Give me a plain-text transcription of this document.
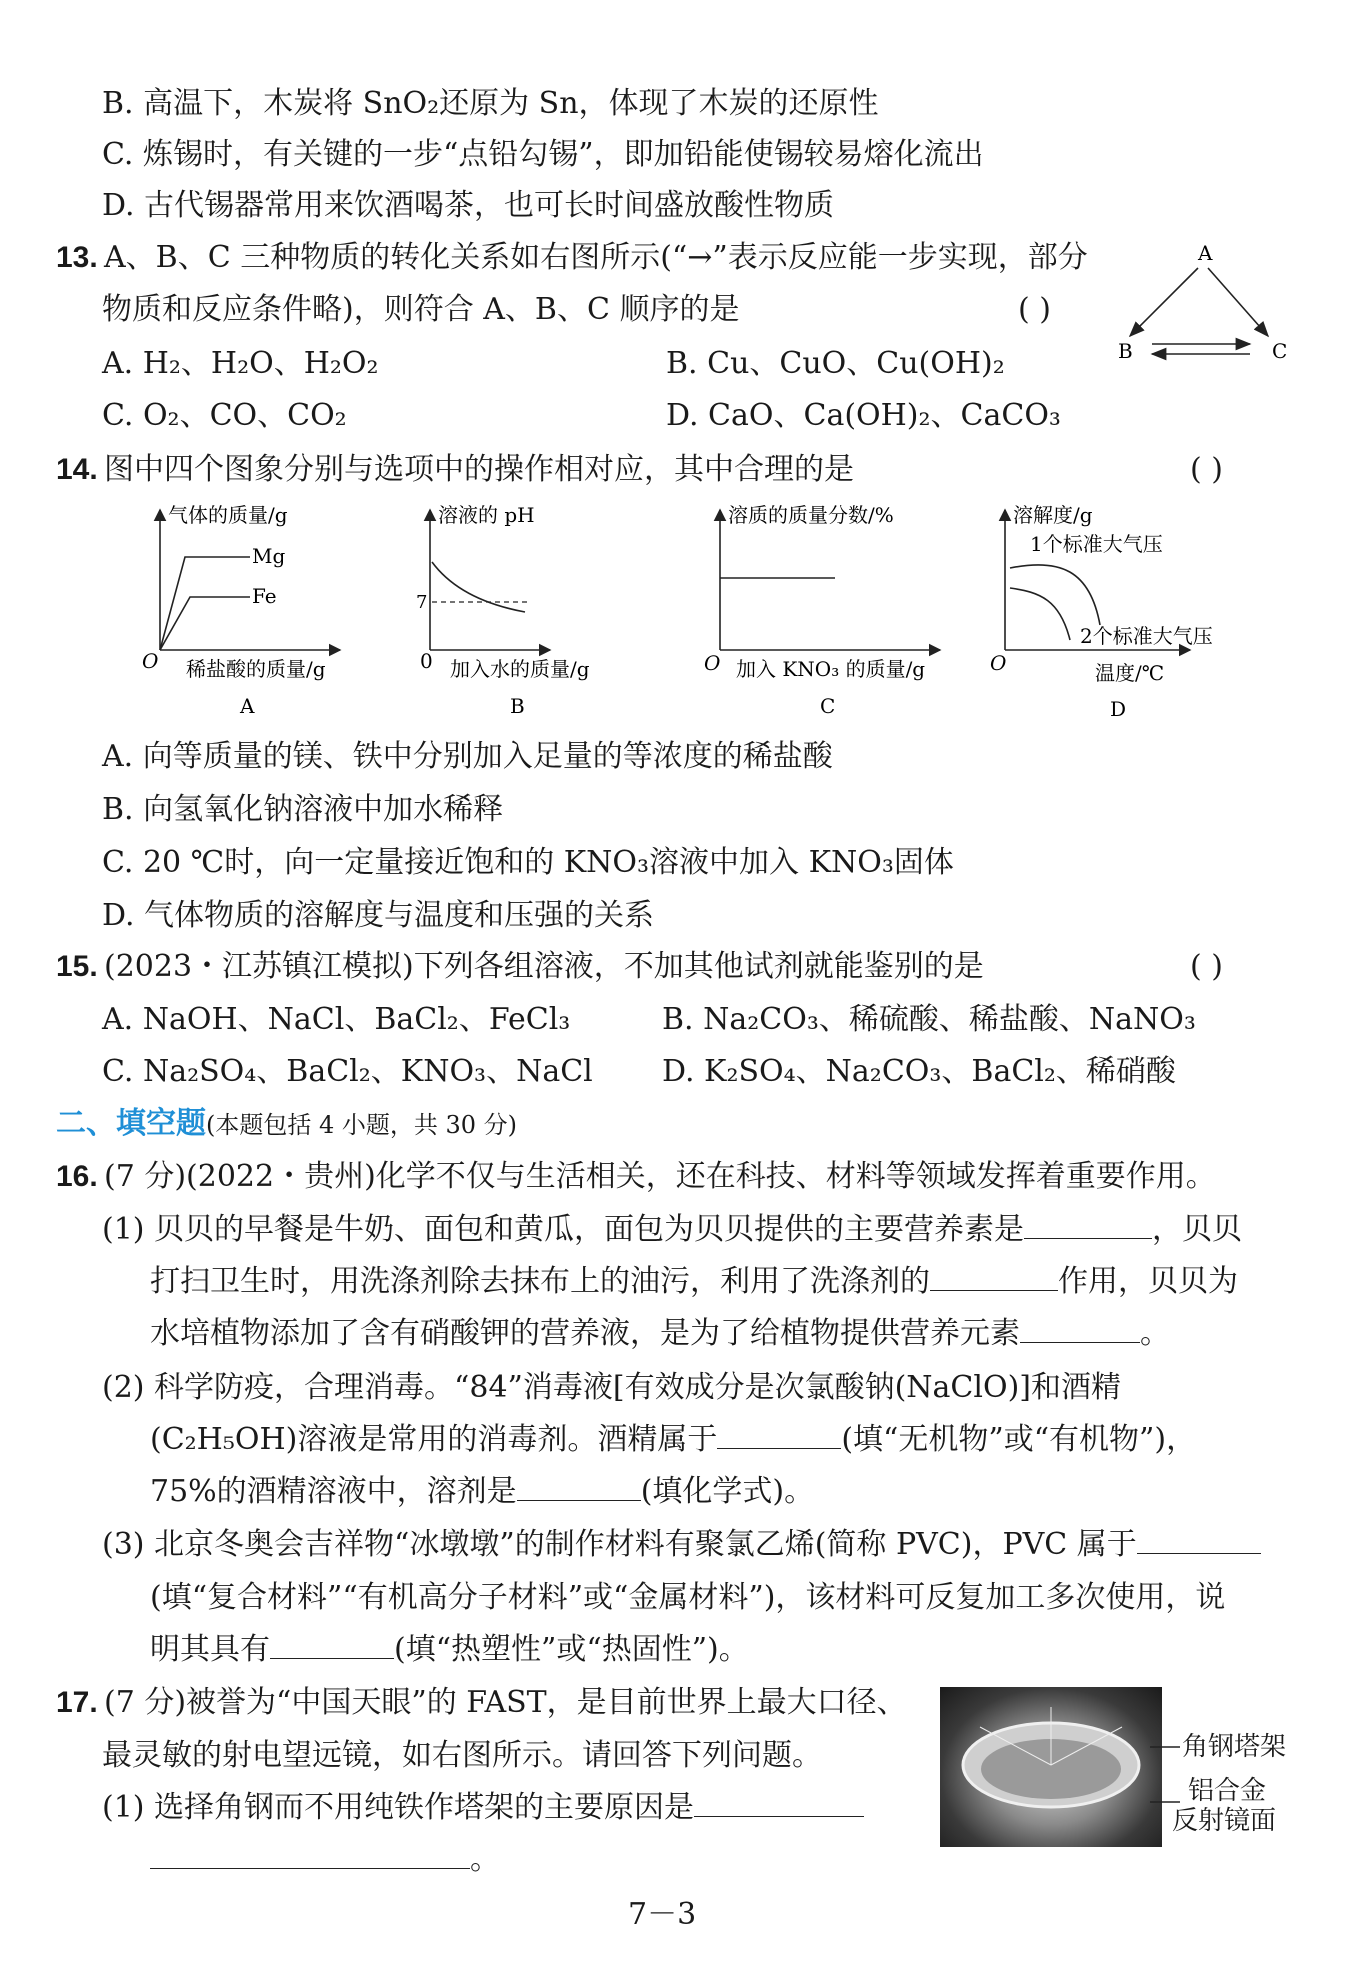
B. 高温下，木炭将 SnO₂还原为 Sn，体现了木炭的还原性
C. 炼锡时，有关键的一步“点铅勾锡”，即加铅能使锡较易熔化流出
D. 古代锡器常用来饮酒喝茶，也可长时间盛放酸性物质
13. A、B、C 三种物质的转化关系如右图所示(“→”表示反应能一步实现，部分
物质和反应条件略)，则符合 A、B、C 顺序的是	( )
A. H₂、H₂O、H₂O₂	B. Cu、CuO、Cu(OH)₂
C. O₂、CO、CO₂	D. CaO、Ca(OH)₂、CaCO₃
A
B	C
14. 图中四个图象分别与选项中的操作相对应，其中合理的是	( )
气体的质量/g
Mg
Fe
O 稀盐酸的质量/g
A
溶液的 pH
7
0 加入水的质量/g
B
溶质的质量分数/%
O 加入 KNO₃ 的质量/g
C
溶解度/g
1个标准大气压
2个标准大气压
O	温度/℃
D
A. 向等质量的镁、铁中分别加入足量的等浓度的稀盐酸
B. 向氢氧化钠溶液中加水稀释
C. 20 ℃时，向一定量接近饱和的 KNO₃溶液中加入 KNO₃固体
D. 气体物质的溶解度与温度和压强的关系
15. (2023・江苏镇江模拟)下列各组溶液，不加其他试剂就能鉴别的是	( )
A. NaOH、NaCl、BaCl₂、FeCl₃	B. Na₂CO₃、稀硫酸、稀盐酸、NaNO₃
C. Na₂SO₄、BaCl₂、KNO₃、NaCl D. K₂SO₄、Na₂CO₃、BaCl₂、稀硝酸
二、填空题(本题包括 4 小题，共 30 分)
16. (7 分)(2022・贵州)化学不仅与生活相关，还在科技、材料等领域发挥着重要作用。
(1) 贝贝的早餐是牛奶、面包和黄瓜，面包为贝贝提供的主要营养素是	，贝贝
打扫卫生时，用洗涤剂除去抹布上的油污，利用了洗涤剂的	作用，贝贝为
水培植物添加了含有硝酸钾的营养液，是为了给植物提供营养元素	。
(2) 科学防疫，合理消毒。“84”消毒液[有效成分是次氯酸钠(NaClO)]和酒精
(C₂H₅OH)溶液是常用的消毒剂。酒精属于	(填“无机物”或“有机物”)，
75%的酒精溶液中，溶剂是	(填化学式)。
(3) 北京冬奥会吉祥物“冰墩墩”的制作材料有聚氯乙烯(简称 PVC)，PVC 属于
(填“复合材料”“有机高分子材料”或“金属材料”)，该材料可反复加工多次使用，说
明其具有	(填“热塑性”或“热固性”)。
17. (7 分)被誉为“中国天眼”的 FAST，是目前世界上最大口径、
最灵敏的射电望远镜，如右图所示。请回答下列问题。
(1) 选择角钢而不用纯铁作塔架的主要原因是
。
角钢塔架
铝合金
反射镜面
7－3
